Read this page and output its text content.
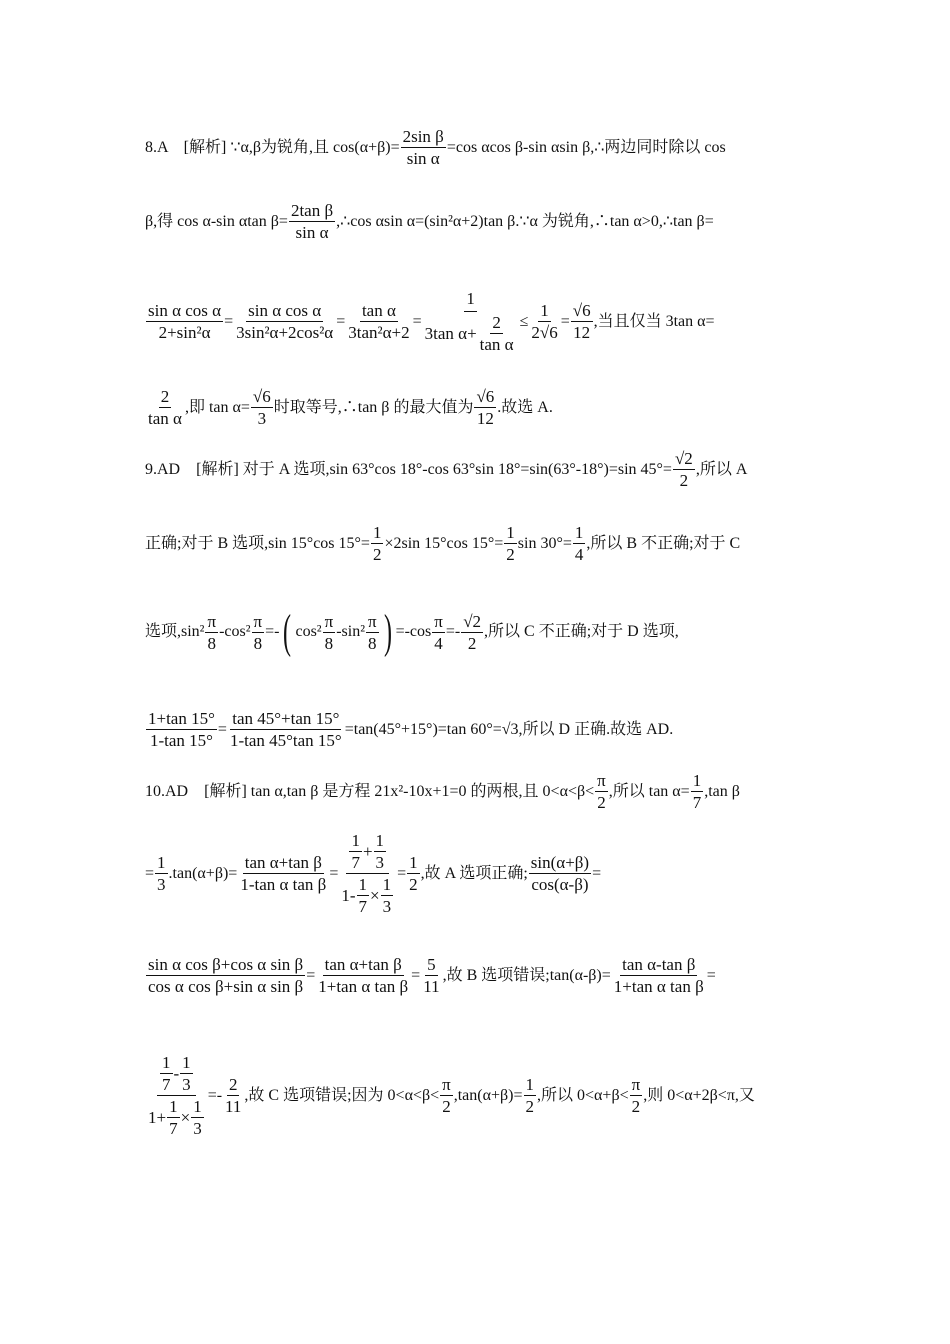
8.A　[解析] ∵α,β为锐角,且 $\cos(\alpha+\beta)= \frac{\text{2sin β}}{\text{sin α}} =\cos$ αcos β-sin αsin β,∴两边同时除以 cos
β,得 cos α-sin αtan $\beta= \frac{\text{2tan β}}{\text{sin α}}$ ,∴cos αsin α=(sin²α+2)tan β.∵α 为锐角,∴tan α>0,∴tan β=
$\frac{\text{sin α cos α}}{\text{2+sin²α}} = \frac{\text{sin α cos α}}{\text{3sin²α+2cos²α}} = \frac{\text{tan α}}{\text{3tan²α+2}} = \frac{1}{3\tan \alpha+ \frac{2}{\text{tan α}}} \le \frac{1}{2√6} = \frac{√6}{12}$ ,当且仅当 3tan α=
$\frac{2}{\text{tan α}}$ ,即 $\tan \alpha= \frac{√6}{3}$ 时取等号,∴tan β 的最大值为 $\frac{√6}{12}$ .故选 A.
9.AD　[解析] 对于 A 选项,sin 63°cos 18°-cos 63°sin 18°=sin(63°-18°)=sin $45^\circ= \frac{√2}{2}$ ,所以 A
正确;对于 B 选项,sin 15°cos $15^\circ= \frac{1}{2} \times 2\sin$ 15°cos $15^\circ= \frac{1}{2}$ $\sin 30^\circ= \frac{1}{4}$ ,所以 B 不正确;对于 C
选项$,\sin^2 \frac{\pi}{8} -\cos^2 \frac{\pi}{8}$ =- ( $\cos^2 \frac{\pi}{8} -\sin^2 \frac{\pi}{8}$ ) $=-\cos \frac{\pi}{4} =- \frac{√2}{2}$ ,所以 C 不正确;对于 D 选项,
$\frac{1+\tan 15^\circ}{1-\tan 15^\circ} = \frac{\tan 45^\circ+\tan 15^\circ}{1-\tan 45^\circ\tan 15^\circ} =\tan(45^\circ+15^\circ)=\tan$ 60°=√3,所以 D 正确.故选 AD.
10.AD　[解析] tan α,tan β 是方程 21x²-10x+1=0 的两根,且 $0<\alpha<\beta< \frac{\pi}{2}$ ,所以 $\tan \alpha= \frac{1}{7} ,\tan$ β
= $\frac{1}{3} .\tan(\alpha+\beta)= \frac{\text{tan α+tan β}}{\text{1-tan α tan β}} = \frac{\frac{1}{7} + \frac{1}{3}}{1- \frac{1}{7} \times \frac{1}{3}} = \frac{1}{2}$ ,故 A 选项正确; $\frac{\sin(\alpha+\beta)}{\cos(\alpha-\beta)}$ =
$\frac{\text{sin α cos β+cos α sin β}}{\text{cos α cos β+sin α sin β}} = \frac{\text{tan α+tan β}}{\text{1+tan α tan β}} = \frac{5}{11}$ ,故 B 选项错误;tan(α-β)= $\frac{\text{tan α-tan β}}{\text{1+tan α tan β}}$ =
$\frac{\frac{1}{7} - \frac{1}{3}}{1+ \frac{1}{7} \times \frac{1}{3}} =- \frac{2}{11}$ ,故 C 选项错误;因为 $0<\alpha<\beta< \frac{\pi}{2} ,\tan(\alpha+\beta)= \frac{1}{2}$ ,所以 $0<\alpha+\beta< \frac{\pi}{2}$ ,则 0<α+2β<π,又
